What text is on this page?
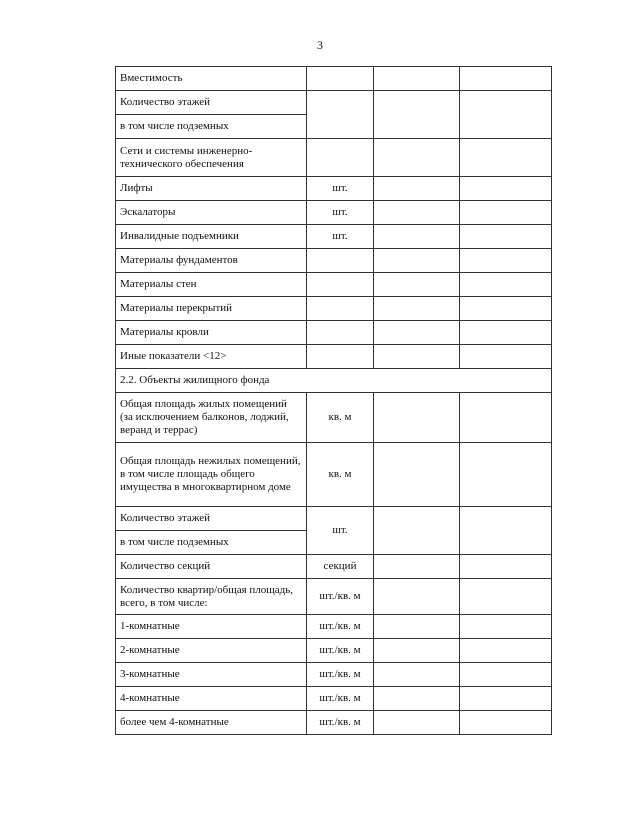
3
Вместимость			
Количество этажей			
в том числе подземных			
Сети и системы инженерно-технического обеспечения			
Лифты	шт.		
Эскалаторы	шт.		
Инвалидные подъемники	шт.		
Материалы фундаментов			
Материалы стен			
Материалы перекрытий			
Материалы кровли			
Иные показатели <12>			
2.2. Объекты жилищного фонда			
Общая площадь жилых помещений (за исключением балконов, лоджий, веранд и террас)	кв. м		
Общая площадь нежилых помещений, в том числе площадь общего имущества в многоквартирном доме	кв. м		
Количество этажей	шт.		
в том числе подземных			
Количество секций	секций		
Количество квартир/общая площадь, всего, в том числе:	шт./кв. м		
1-комнатные	шт./кв. м		
2-комнатные	шт./кв. м		
3-комнатные	шт./кв. м		
4-комнатные	шт./кв. м		
более чем 4-комнатные	шт./кв. м		
